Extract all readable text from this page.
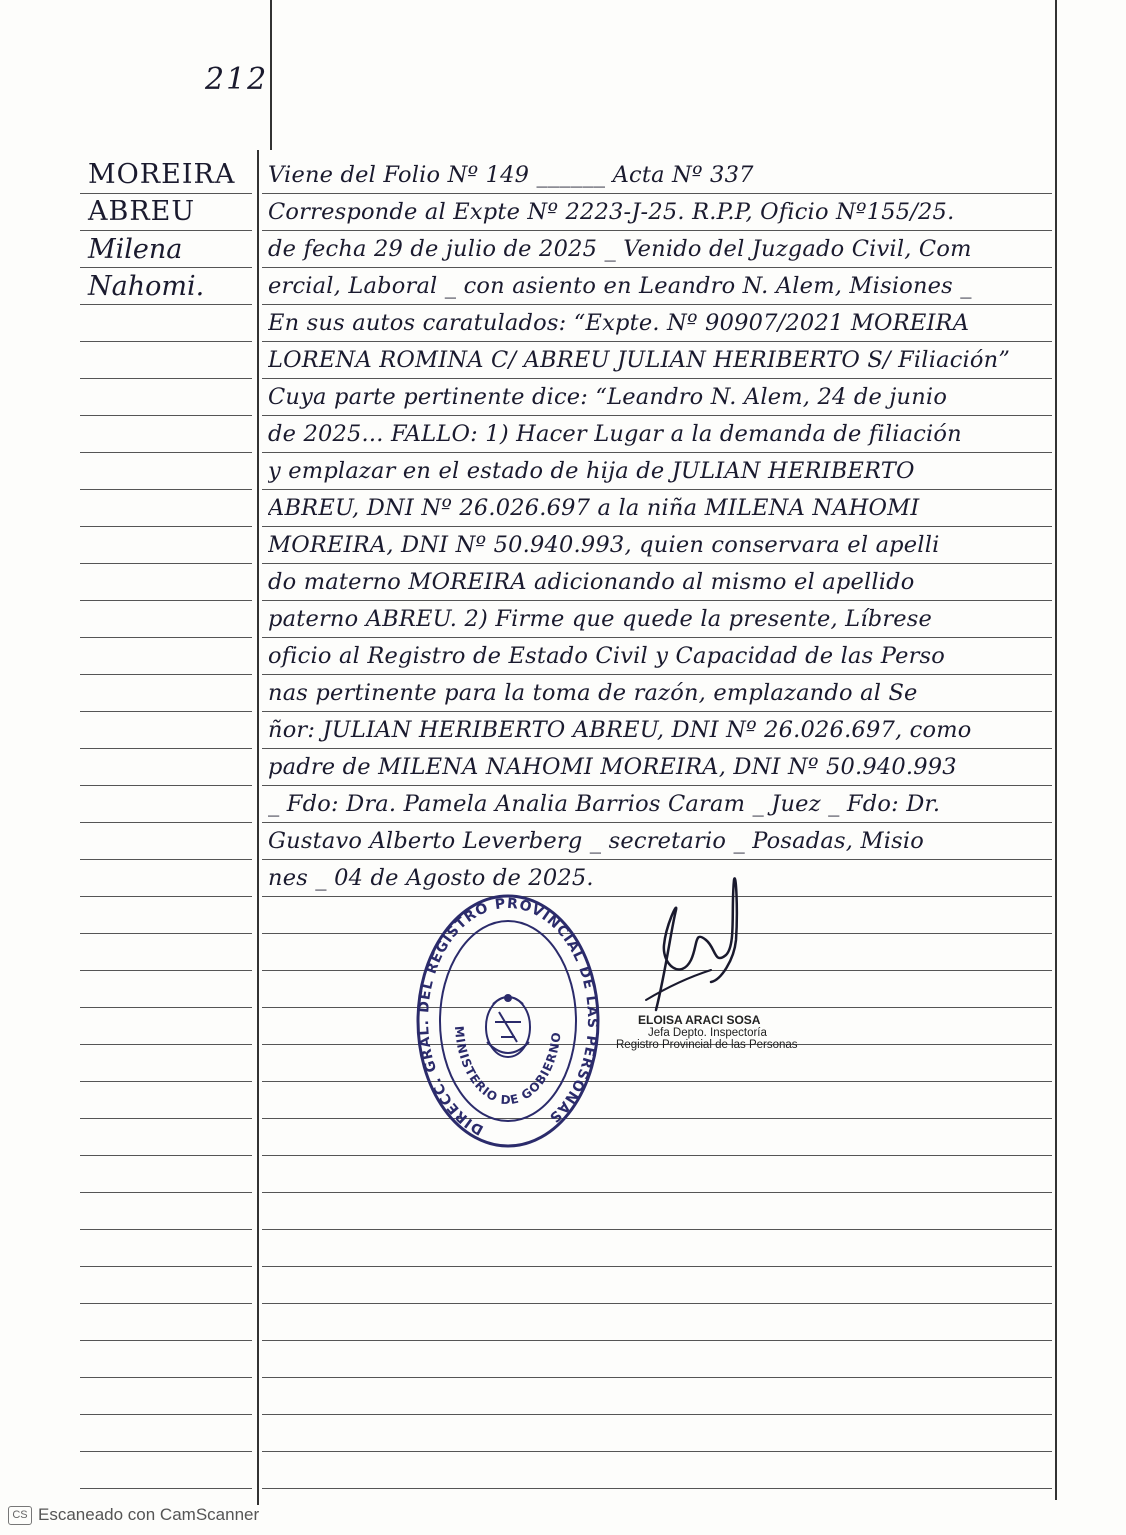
212
MOREIRA
ABREU
Milena
Nahomi.
Viene del Folio Nº 149 ______ Acta Nº 337
Corresponde al Expte Nº 2223-J-25. R.P.P, Oficio Nº155/25.
de fecha 29 de julio de 2025 _ Venido del Juzgado Civil, Com
ercial, Laboral _ con asiento en Leandro N. Alem, Misiones _
En sus autos caratulados: “Expte. Nº 90907/2021 MOREIRA
LORENA ROMINA C/ ABREU JULIAN HERIBERTO S/ Filiación”
Cuya parte pertinente dice: “Leandro N. Alem, 24 de junio
de 2025... FALLO: 1) Hacer Lugar a la demanda de filiación
y emplazar en el estado de hija de JULIAN HERIBERTO
ABREU, DNI Nº 26.026.697 a la niña MILENA NAHOMI
MOREIRA, DNI Nº 50.940.993, quien conservara el apelli
do materno MOREIRA adicionando al mismo el apellido
paterno ABREU. 2) Firme que quede la presente, Líbrese
oficio al Registro de Estado Civil y Capacidad de las Perso
nas pertinente para la toma de razón, emplazando al Se
ñor: JULIAN HERIBERTO ABREU, DNI Nº 26.026.697, como
padre de MILENA NAHOMI MOREIRA, DNI Nº 50.940.993
_ Fdo: Dra. Pamela Analia Barrios Caram _ Juez _ Fdo: Dr.
Gustavo Alberto Leverberg _ secretario _ Posadas, Misio
nes _ 04 de Agosto de 2025.
DIRECC. GRAL. DEL REGISTRO PROVINCIAL DE LAS PERSONAS
MINISTERIO DE GOBIERNO
ELOISA ARACI SOSA
Jefa Depto. Inspectoría
Registro Provincial de las Personas
CS Escaneado con CamScanner
